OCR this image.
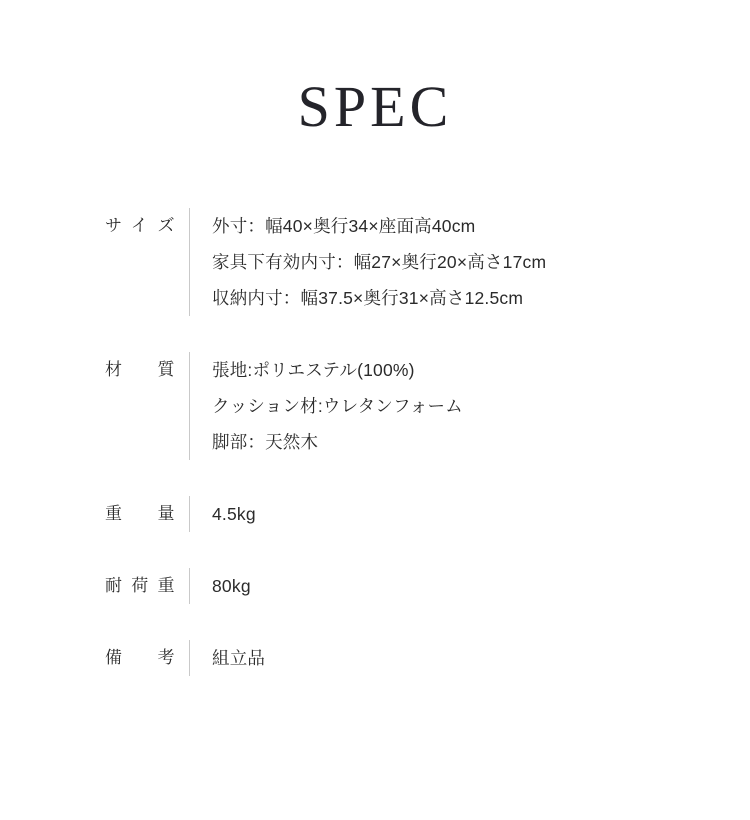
SPEC
サイズ	外寸：幅40×奥行34×座面高40cm
家具下有効内寸：幅27×奥行20×高さ17cm
収納内寸：幅37.5×奥行31×高さ12.5cm
材　質	張地:ポリエステル(100%)
クッション材:ウレタンフォーム
脚部：天然木
重　量	4.5kg
耐荷重	80kg
備　考	組立品
